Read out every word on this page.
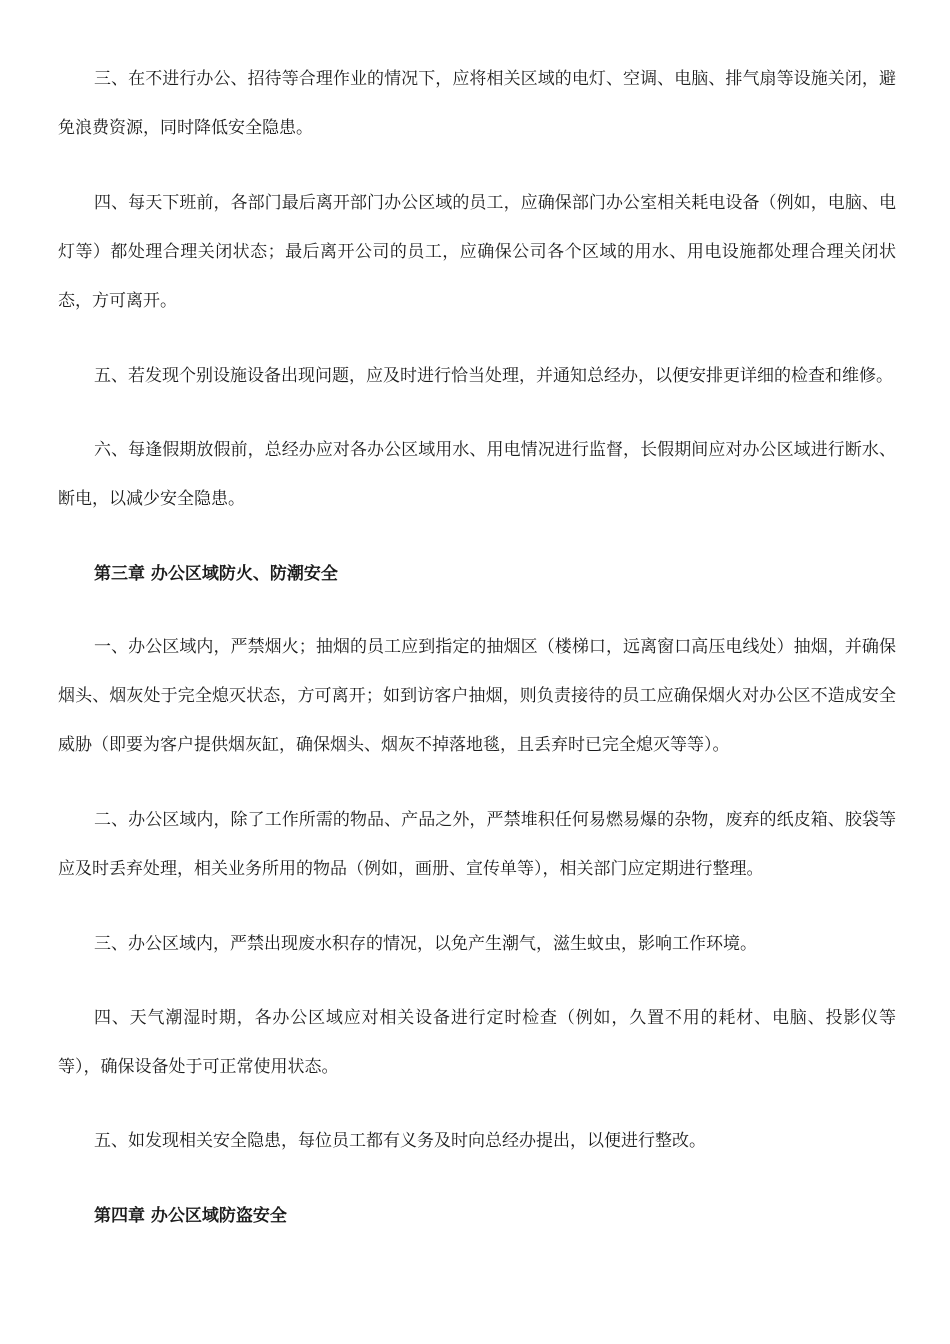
三、在不进行办公、招待等合理作业的情况下，应将相关区域的电灯、空调、电脑、排气扇等设施关闭，避免浪费资源，同时降低安全隐患。

四、每天下班前，各部门最后离开部门办公区域的员工，应确保部门办公室相关耗电设备（例如，电脑、电灯等）都处理合理关闭状态；最后离开公司的员工，应确保公司各个区域的用水、用电设施都处理合理关闭状态，方可离开。

五、若发现个别设施设备出现问题，应及时进行恰当处理，并通知总经办，以便安排更详细的检查和维修。

六、每逢假期放假前，总经办应对各办公区域用水、用电情况进行监督，长假期间应对办公区域进行断水、断电，以减少安全隐患。

第三章 办公区域防火、防潮安全

一、办公区域内，严禁烟火；抽烟的员工应到指定的抽烟区（楼梯口，远离窗口高压电线处）抽烟，并确保烟头、烟灰处于完全熄灭状态，方可离开；如到访客户抽烟，则负责接待的员工应确保烟火对办公区不造成安全威胁（即要为客户提供烟灰缸，确保烟头、烟灰不掉落地毯，且丢弃时已完全熄灭等等）。

二、办公区域内，除了工作所需的物品、产品之外，严禁堆积任何易燃易爆的杂物，废弃的纸皮箱、胶袋等应及时丢弃处理，相关业务所用的物品（例如，画册、宣传单等），相关部门应定期进行整理。

三、办公区域内，严禁出现废水积存的情况，以免产生潮气，滋生蚊虫，影响工作环境。

四、天气潮湿时期，各办公区域应对相关设备进行定时检查（例如，久置不用的耗材、电脑、投影仪等等），确保设备处于可正常使用状态。

五、如发现相关安全隐患，每位员工都有义务及时向总经办提出，以便进行整改。

第四章 办公区域防盗安全
